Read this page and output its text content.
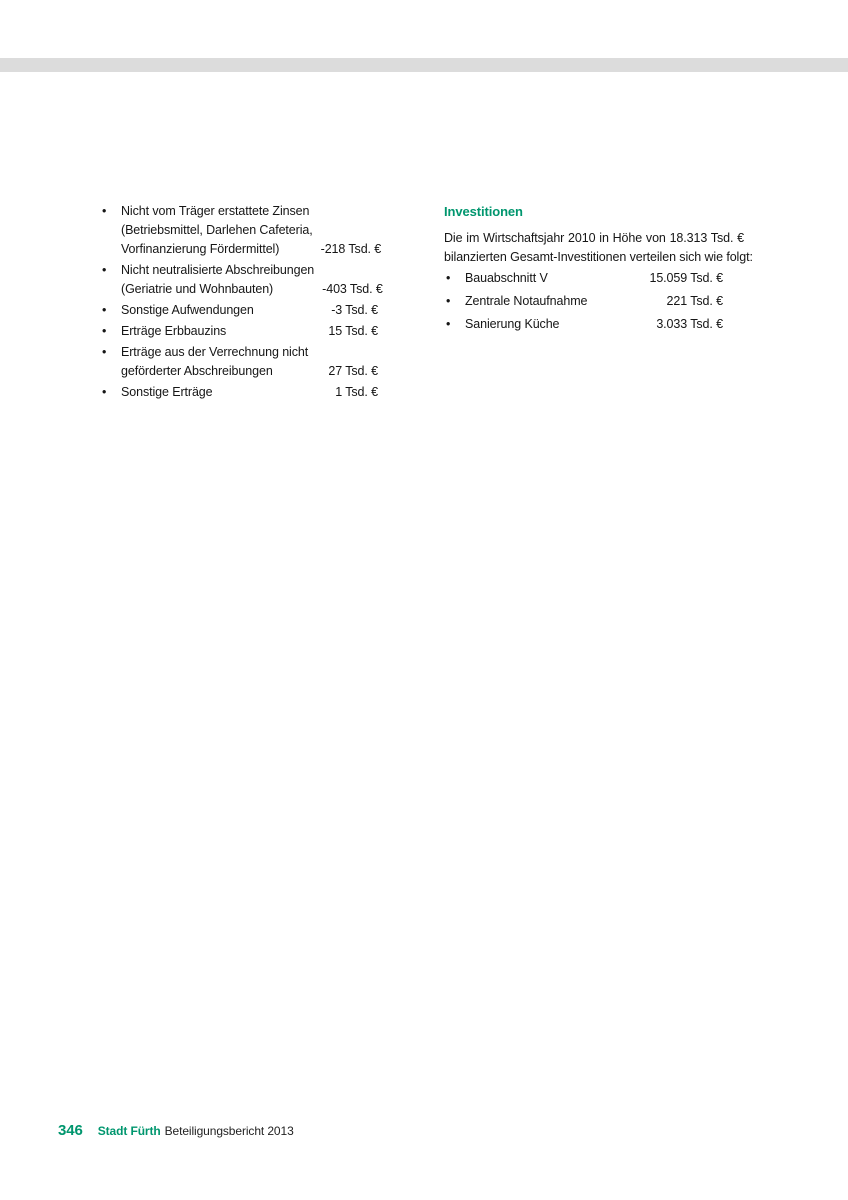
•	Nicht vom Träger erstattete Zinsen
(Betriebsmittel, Darlehen Cafeteria,
Vorfinanzierung Fördermittel)	-218 Tsd. €
•	Nicht neutralisierte Abschreibungen
(Geriatrie und Wohnbauten)	-403 Tsd. €
•	Sonstige Aufwendungen	-3 Tsd. €
•	Erträge Erbbauzins	15 Tsd. €
•	Erträge aus der Verrechnung nicht
geförderter Abschreibungen	27 Tsd. €
•	Sonstige Erträge	1 Tsd. €
Investitionen
Die im Wirtschaftsjahr 2010 in Höhe von 18.313 Tsd. €
bilanzierten Gesamt-Investitionen verteilen sich wie folgt:
•	Bauabschnitt V	15.059 Tsd. €
•	Zentrale Notaufnahme	221 Tsd. €
•	Sanierung Küche	3.033 Tsd. €
346 Stadt Fürth Beteiligungsbericht 2013
